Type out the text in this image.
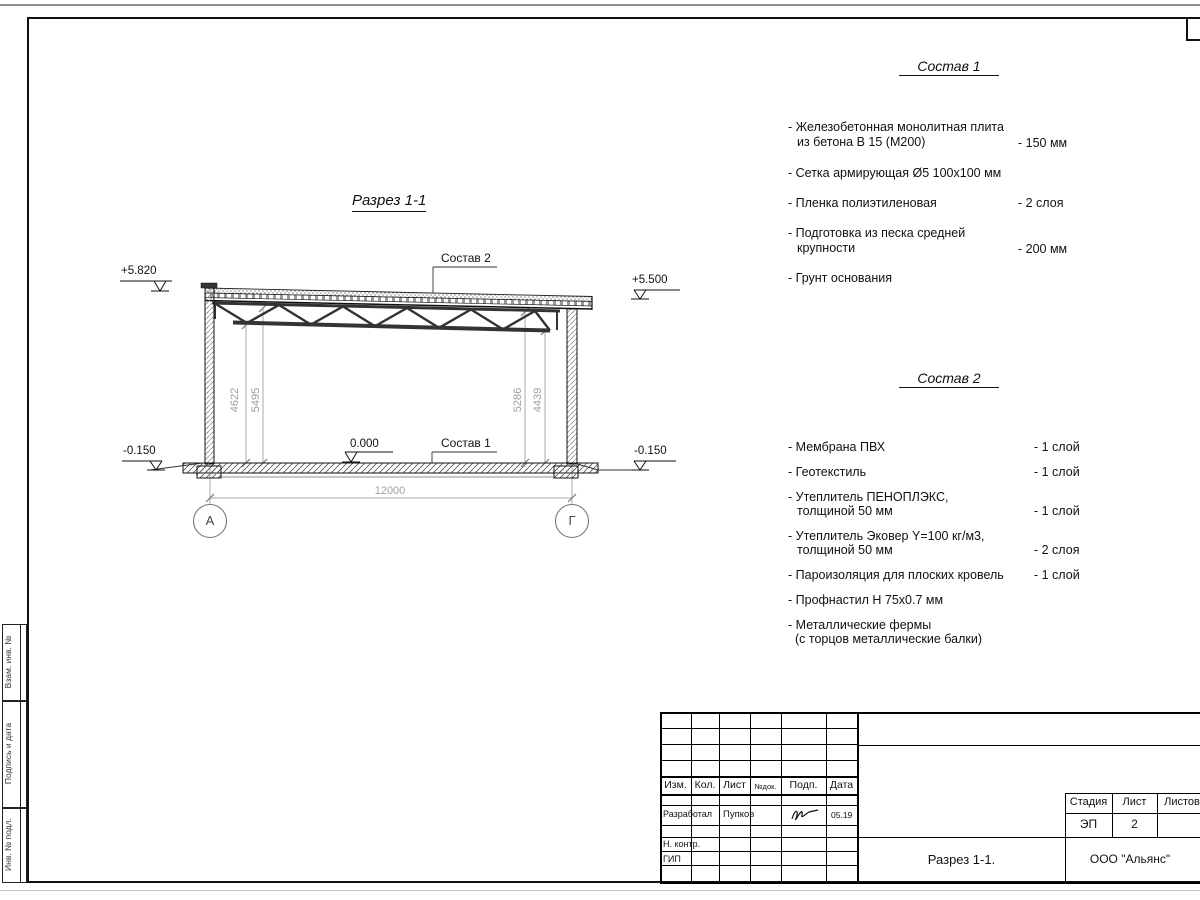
Взам. инв. №
Подпись и дата
Инв. № подл.
Разрез 1-1
Состав 2
Состав 1
+5.820
+5.500
0.000
-0.150	-0.150
4622 5495	5286 4439
12000
А	Г
Состав 1
- Железобетонная монолитная плита
из бетона В 15 (М200)	- 150 мм
- Сетка армирующая Ø5 100х100 мм
- Пленка полиэтиленовая	- 2 слоя
- Подготовка из песка средней
крупности	- 200 мм
- Грунт основания
Состав 2
- Мембрана ПВХ	- 1 слой
- Геотекстиль	- 1 слой
- Утеплитель ПЕНОПЛЭКС,
толщиной 50 мм	- 1 слой
- Утеплитель Эковер Y=100 кг/м3,
толщиной 50 мм	- 2 слоя
- Пароизоляция для плоских кровель - 1 слой
- Профнастил Н 75х0.7 мм
- Металлические фермы
(с торцов металлические балки)
Изм. Кол. Лист	№док.	Подп.	Дата
Разработал Пупков	05.19
Н. контр.
ГИП
Стадия	Лист	Листов
ЭП	2
Разрез 1-1.	ООО "Альянс"
